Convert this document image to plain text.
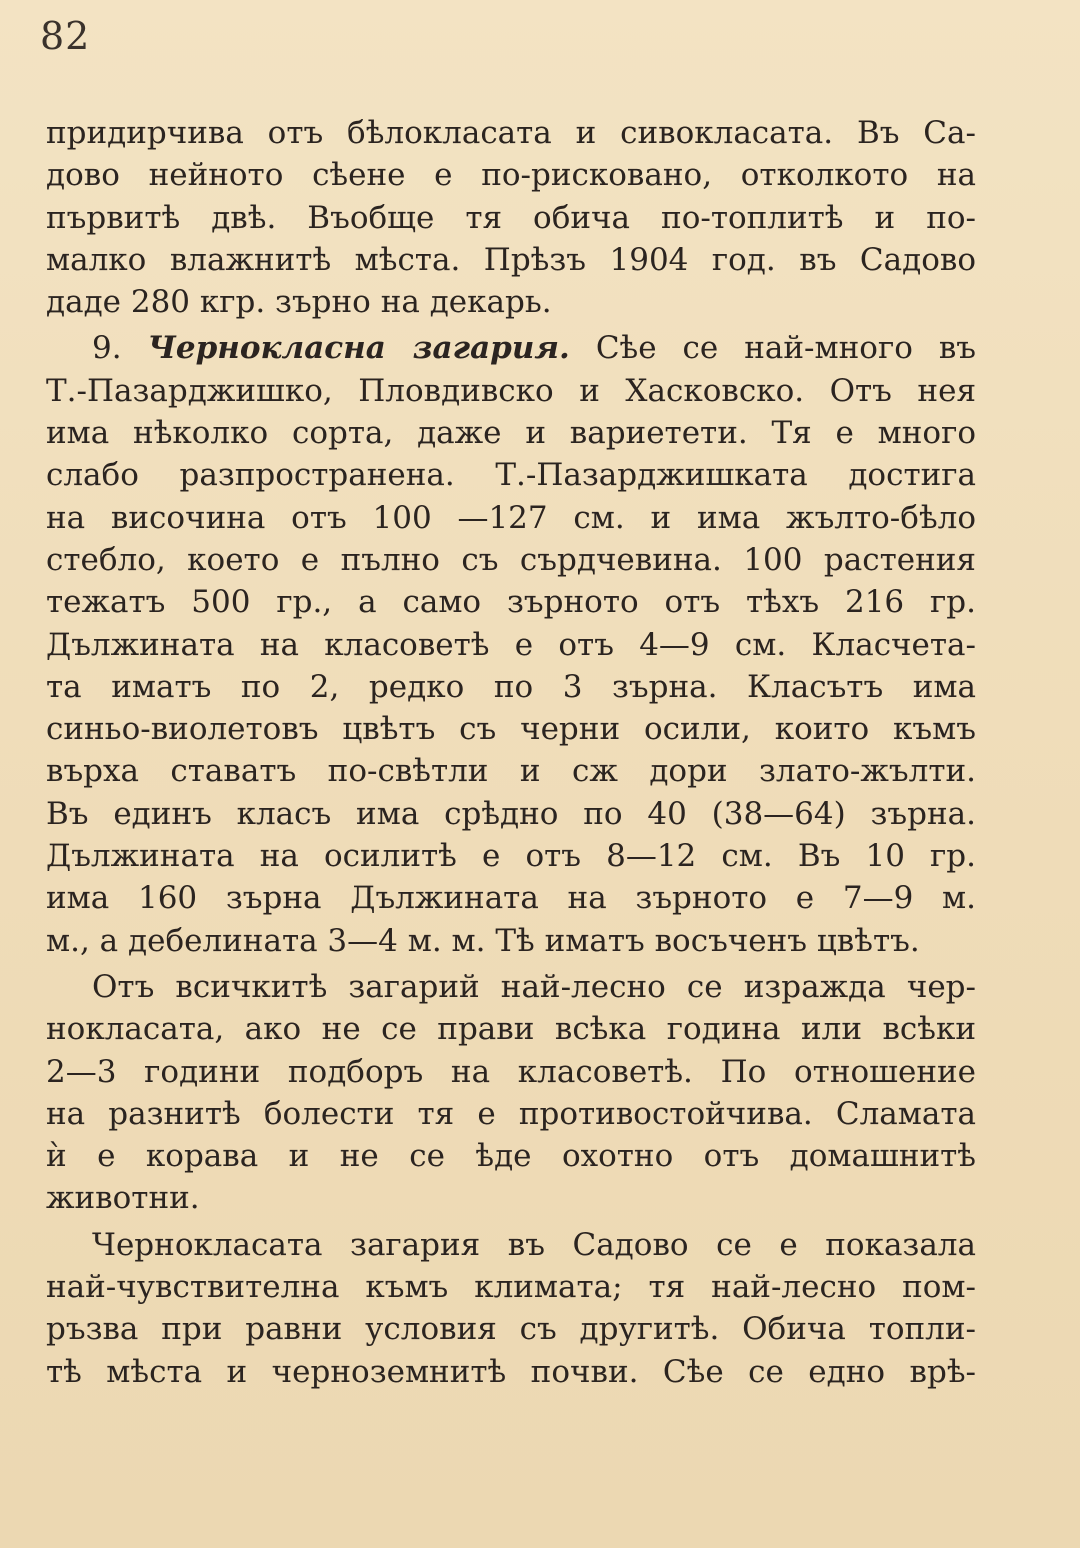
82
придирчива отъ бѣлокласата и сивокласата. Въ Са-
дово нейното сѣене е по-рисковано, отколкото на
първитѣ двѣ. Въобще тя обича по-топлитѣ и по-
малко влажнитѣ мѣста. Прѣзъ 1904 год. въ Садово
даде 280 кгр. зърно на декарь.
9. Чернокласна загария. Сѣе се най-много въ
Т.-Пазарджишко, Пловдивско и Хасковско. Отъ нея
има нѣколко сорта, даже и вариетети. Тя е много
слабо разпространена. Т.-Пазарджишката достига
на височина отъ 100 —127 см. и има жълто-бѣло
стебло, което е пълно съ сърдчевина. 100 растения
тежатъ 500 гр., а само зърното отъ тѣхъ 216 гр.
Дължината на класоветѣ е отъ 4—9 см. Класчета-
та иматъ по 2, редко по 3 зърна. Класътъ има
синьо-виолетовъ цвѣтъ съ черни осили, които къмъ
върха ставатъ по-свѣтли и сж дори злато-жълти.
Въ единъ класъ има срѣдно по 40 (38—64) зърна.
Дължината на осилитѣ е отъ 8—12 см. Въ 10 гр.
има 160 зърна Дължината на зърното е 7—9 м.
м., а дебелината 3—4 м. м. Тѣ иматъ восъченъ цвѣтъ.
Отъ всичкитѣ загарий най-лесно се изражда чер-
нокласата, ако не се прави всѣка година или всѣки
2—3 години подборъ на класоветѣ. По отношение
на разнитѣ болести тя е противостойчива. Сламата
ѝ е корава и не се ѣде охотно отъ домашнитѣ
животни.
Чернокласата загария въ Садово се е показала
най-чувствителна къмъ климата; тя най-лесно пом-
ръзва при равни условия съ другитѣ. Обича топли-
тѣ мѣста и черноземнитѣ почви. Сѣе се едно врѣ-
